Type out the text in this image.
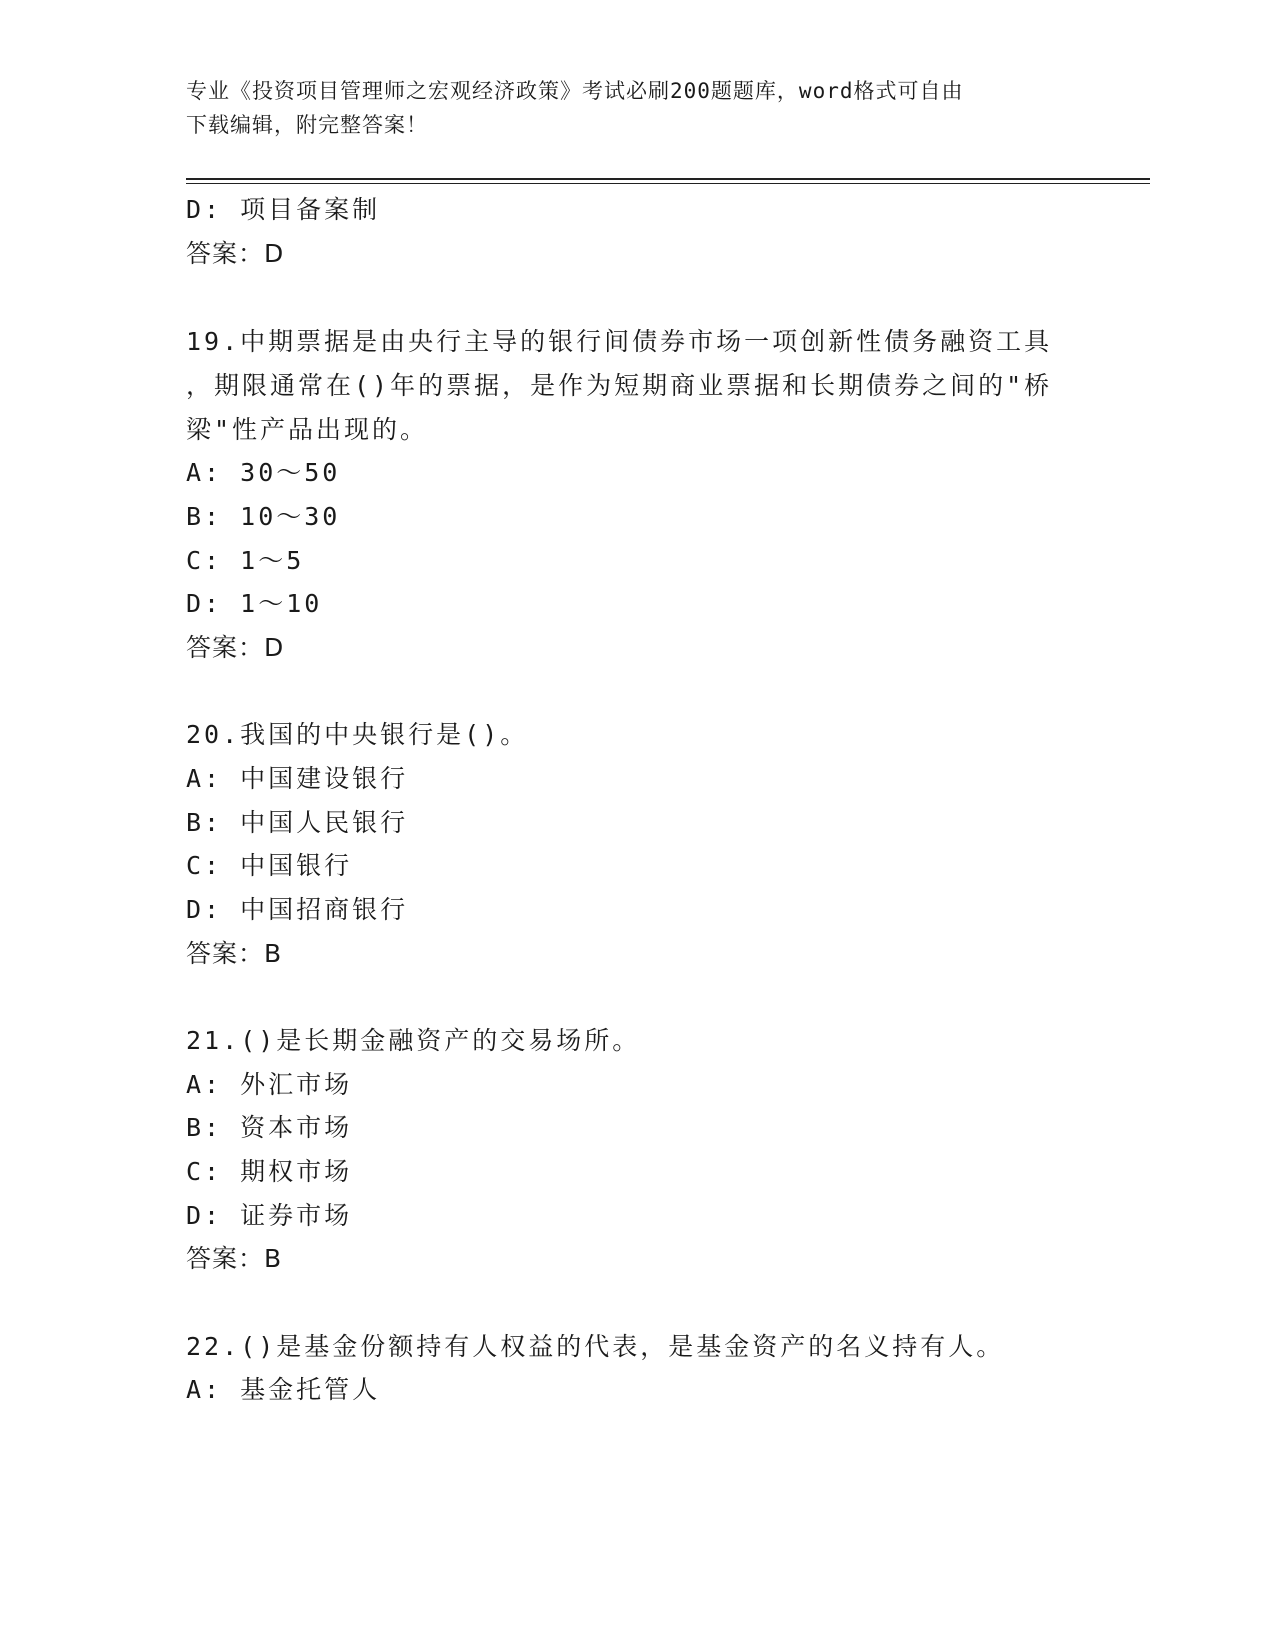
专业《投资项目管理师之宏观经济政策》考试必刷200题题库，word格式可自由
下载编辑，附完整答案！
D: 项目备案制
答案：D
19.中期票据是由央行主导的银行间债券市场一项创新性债务融资工具
，期限通常在()年的票据，是作为短期商业票据和长期债券之间的"桥
梁"性产品出现的。
A: 30～50
B: 10～30
C: 1～5
D: 1～10
答案：D
20.我国的中央银行是()。
A: 中国建设银行
B: 中国人民银行
C: 中国银行
D: 中国招商银行
答案：B
21.()是长期金融资产的交易场所。
A: 外汇市场
B: 资本市场
C: 期权市场
D: 证券市场
答案：B
22.()是基金份额持有人权益的代表，是基金资产的名义持有人。
A: 基金托管人
